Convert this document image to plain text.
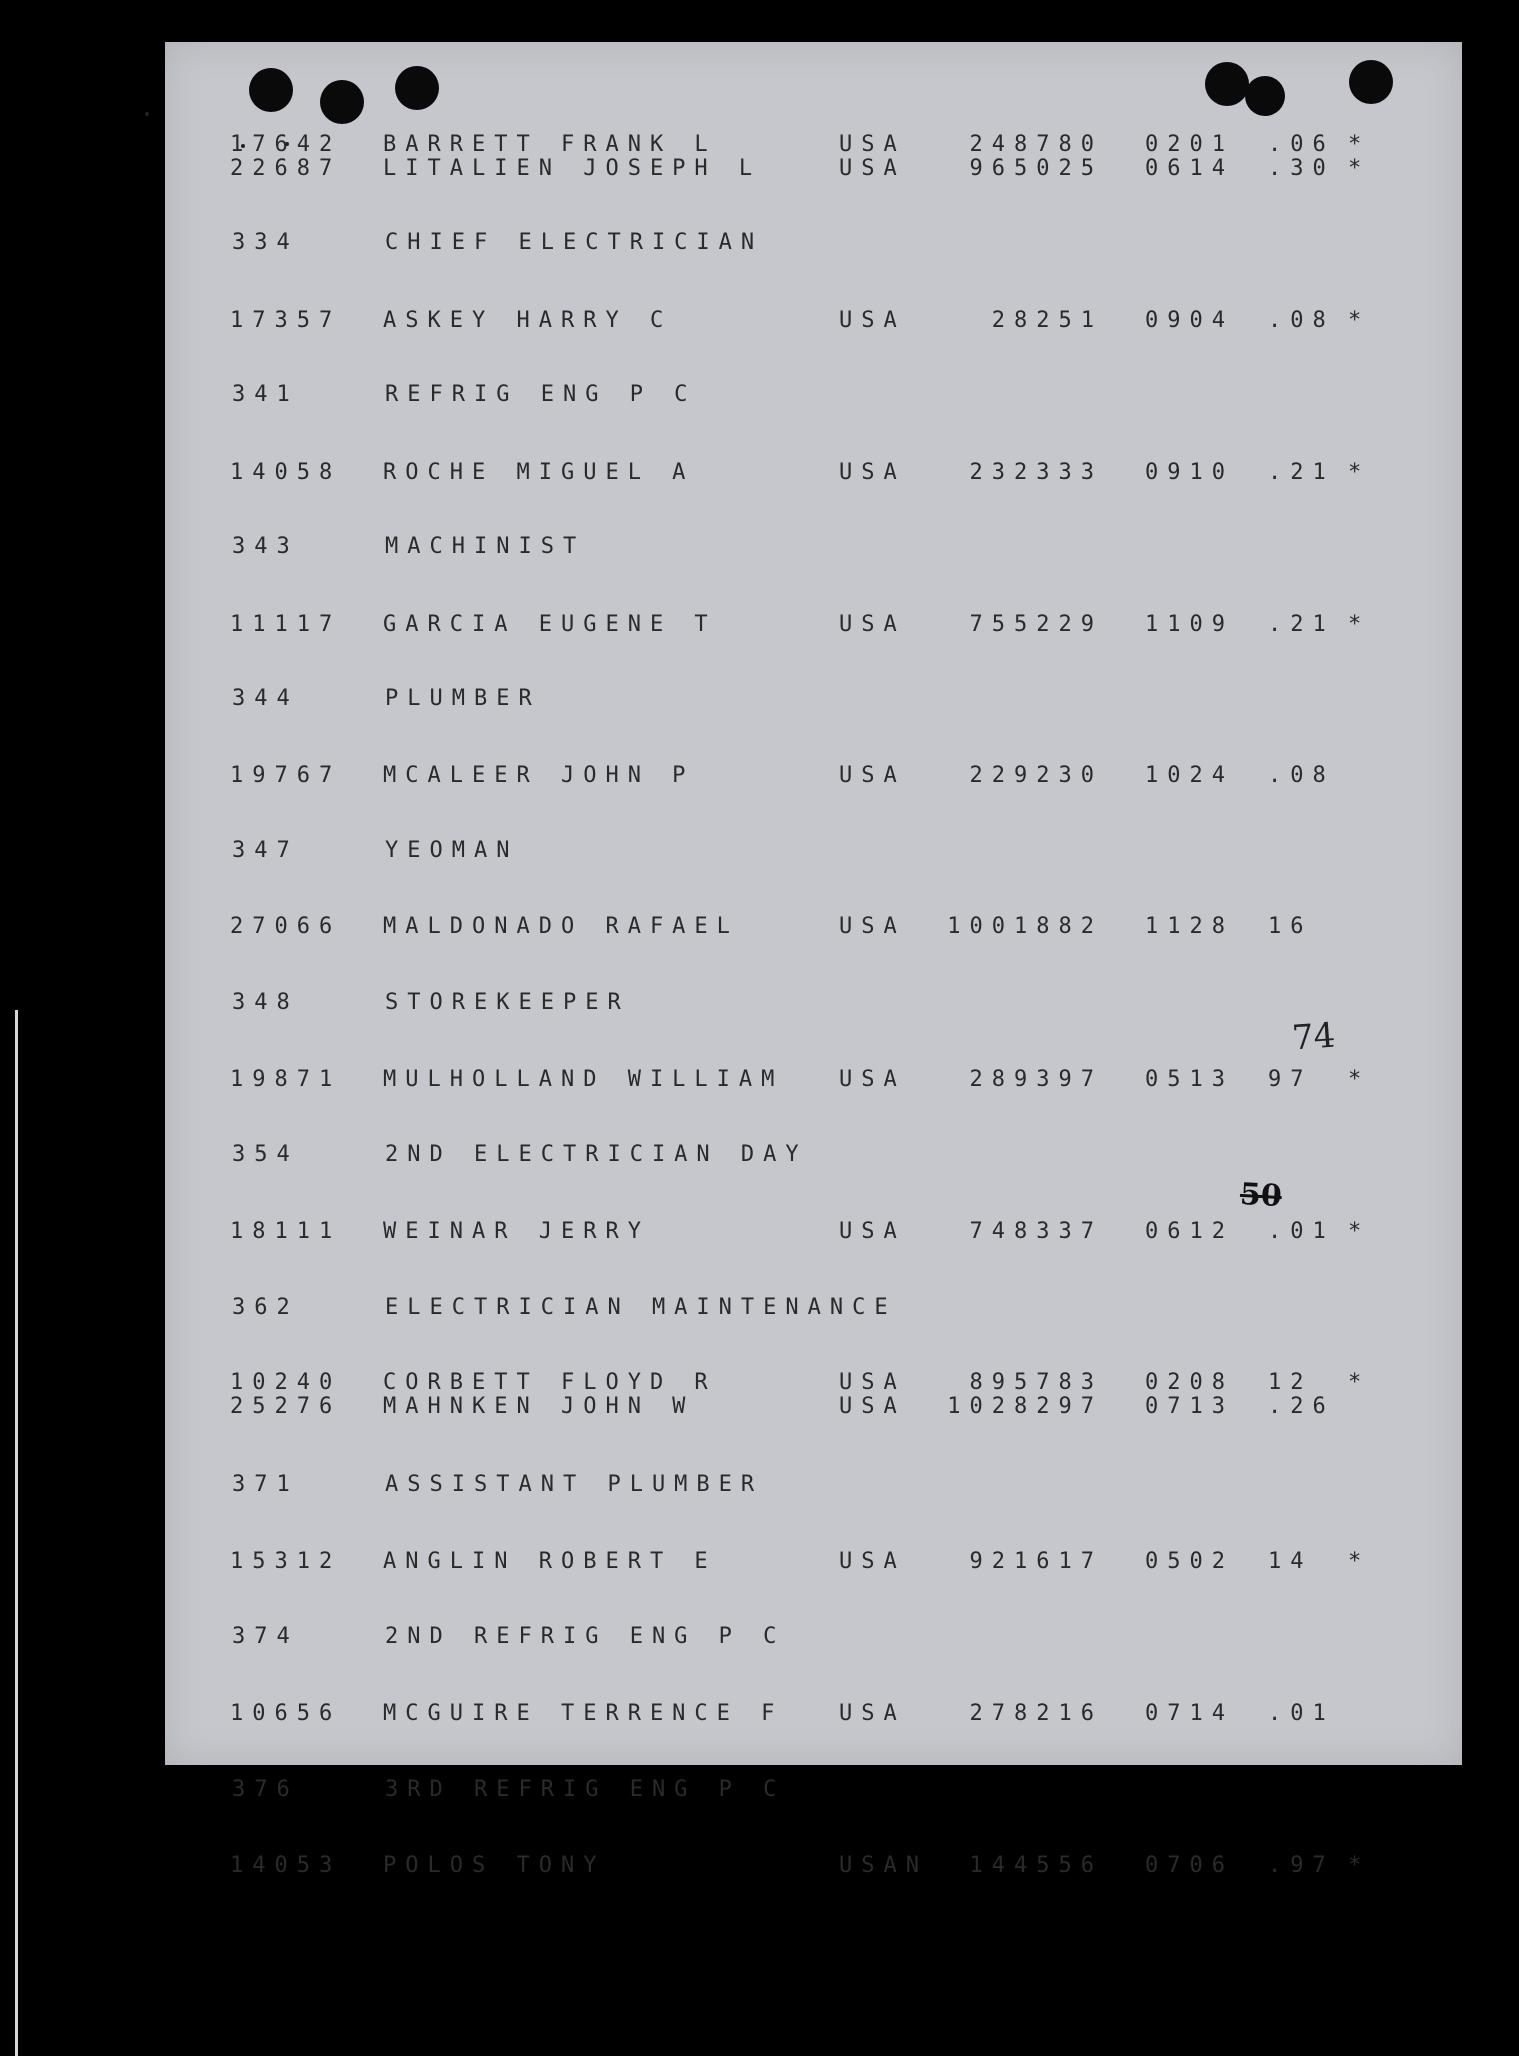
17642 BARRETT FRANK L	USA	248780 0201 .06 *
22687 LITALIEN JOSEPH L	USA	965025 0614 .30 *
334	CHIEF ELECTRICIAN
17357 ASKEY HARRY C	USA	28251 0904 .08 *
341	REFRIG ENG P C
14058 ROCHE MIGUEL A	USA	232333 0910 .21 *
343	MACHINIST
11117 GARCIA EUGENE T	USA	755229 1109 .21 *
344	PLUMBER
19767 MCALEER JOHN P	USA	229230 1024 .08
347	YEOMAN
27066 MALDONADO RAFAEL	USA	1001882 1128 16
348	STOREKEEPER
19871 MULHOLLAND WILLIAM	USA	289397 0513 97 *
354	2ND ELECTRICIAN DAY
18111 WEINAR JERRY	USA	748337 0612 .01 *
362	ELECTRICIAN MAINTENANCE
10240 CORBETT FLOYD R	USA	895783 0208 12 *
25276 MAHNKEN JOHN W	USA	1028297 0713 .26
371	ASSISTANT PLUMBER
15312 ANGLIN ROBERT E	USA	921617 0502 14 *
374	2ND REFRIG ENG P C
10656 MCGUIRE TERRENCE F	USA	278216 0714 .01
376	3RD REFRIG ENG P C
14053 POLOS TONY	USAN	144556 0706 .97 *
74
50
